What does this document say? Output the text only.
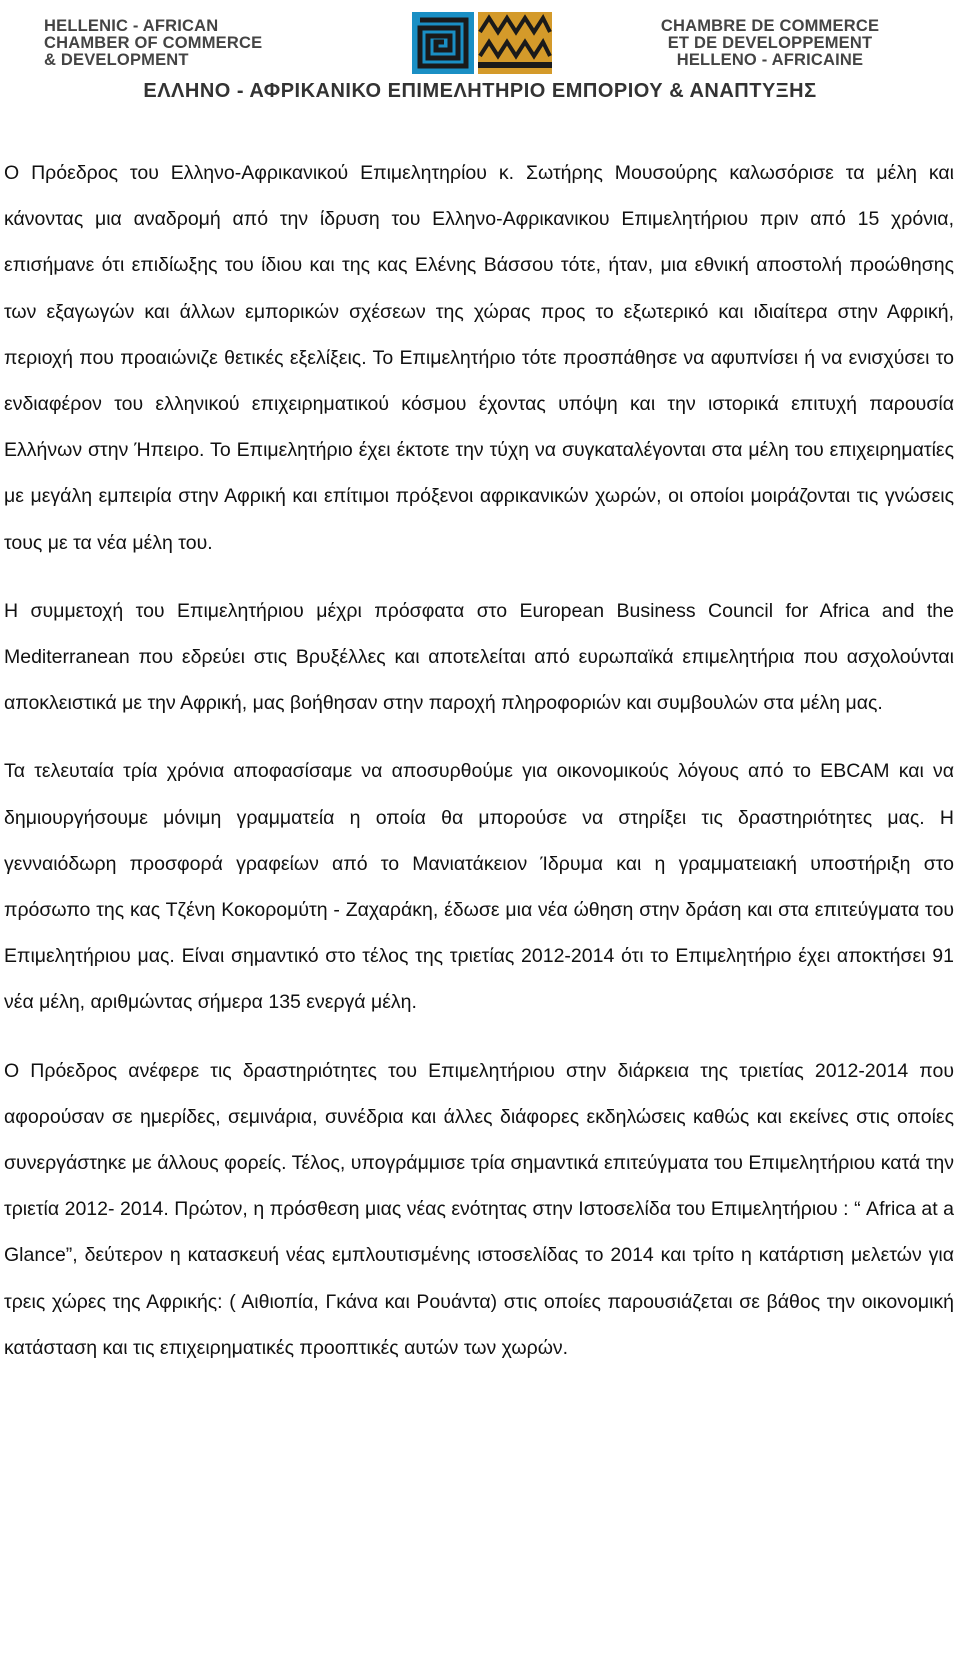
HELLENIC - AFRICAN
CHAMBER OF COMMERCE
& DEVELOPMENT
CHAMBRE DE COMMERCE
ET DE DEVELOPPEMENT
HELLENO - AFRICAINE
ΕΛΛΗΝΟ - ΑΦΡΙΚΑΝΙΚΟ ΕΠΙΜΕΛΗΤΗΡΙΟ ΕΜΠΟΡΙΟΥ & ΑΝΑΠΤΥΞΗΣ

Ο Πρόεδρος του Ελληνο-Αφρικανικού Επιμελητηρίου κ. Σωτήρης Μουσούρης καλωσόρισε τα μέλη και κάνοντας μια αναδρομή από την ίδρυση του Ελληνο-Αφρικανικου Επιμελητήριου πριν από 15 χρόνια, επισήμανε ότι επιδίωξης του ίδιου και της κας Ελένης Βάσσου τότε, ήταν, μια εθνική αποστολή προώθησης των εξαγωγών και άλλων εμπορικών σχέσεων της χώρας προς το εξωτερικό και ιδιαίτερα στην Αφρική, περιοχή που προαιώνιζε θετικές εξελίξεις. Το Επιμελητήριο τότε προσπάθησε να αφυπνίσει ή να ενισχύσει το ενδιαφέρον του ελληνικού επιχειρηματικού κόσμου έχοντας υπόψη και την ιστορικά επιτυχή παρουσία Ελλήνων στην Ήπειρο. Το Επιμελητήριο έχει έκτοτε την τύχη να συγκαταλέγονται στα μέλη του επιχειρηματίες με μεγάλη εμπειρία στην Αφρική και επίτιμοι πρόξενοι αφρικανικών χωρών, οι οποίοι μοιράζονται τις γνώσεις τους με τα νέα μέλη του.

Η συμμετοχή του Επιμελητήριου μέχρι πρόσφατα στο European Business Council for Africa and the Mediterranean που εδρεύει στις Βρυξέλλες και αποτελείται από ευρωπαϊκά επιμελητήρια που ασχολούνται αποκλειστικά με την Αφρική, μας βοήθησαν στην παροχή πληροφοριών και συμβουλών στα μέλη μας.

Τα τελευταία τρία χρόνια αποφασίσαμε να αποσυρθούμε για οικονομικούς λόγους από το EBCAM και να δημιουργήσουμε μόνιμη γραμματεία η οποία θα μπορούσε να στηρίξει τις δραστηριότητες μας. Η γενναιόδωρη προσφορά γραφείων από το Μανιατάκειον Ίδρυμα και η γραμματειακή υποστήριξη στο πρόσωπο της κας Τζένη Κοκορομύτη - Ζαχαράκη, έδωσε μια νέα ώθηση στην δράση και στα επιτεύγματα του Επιμελητήριου μας. Είναι σημαντικό στο τέλος της τριετίας 2012-2014 ότι το Επιμελητήριο έχει αποκτήσει 91 νέα μέλη, αριθμώντας σήμερα 135 ενεργά μέλη.

Ο Πρόεδρος ανέφερε τις δραστηριότητες του Επιμελητήριου στην διάρκεια της τριετίας 2012-2014 που αφορούσαν σε ημερίδες, σεμινάρια, συνέδρια και άλλες διάφορες εκδηλώσεις καθώς και εκείνες στις οποίες συνεργάστηκε με άλλους φορείς. Τέλος, υπογράμμισε τρία σημαντικά επιτεύγματα του Επιμελητήριου κατά την τριετία 2012- 2014. Πρώτον, η πρόσθεση μιας νέας ενότητας στην Ιστοσελίδα του Επιμελητήριου : “ Africa at a Glance”, δεύτερον η κατασκευή νέας εμπλουτισμένης ιστοσελίδας το 2014 και τρίτο η κατάρτιση μελετών για τρεις χώρες της Αφρικής: ( Αιθιοπία, Γκάνα και Ρουάντα) στις οποίες παρουσιάζεται σε βάθος την οικονομική κατάσταση και τις επιχειρηματικές προοπτικές αυτών των χωρών.
